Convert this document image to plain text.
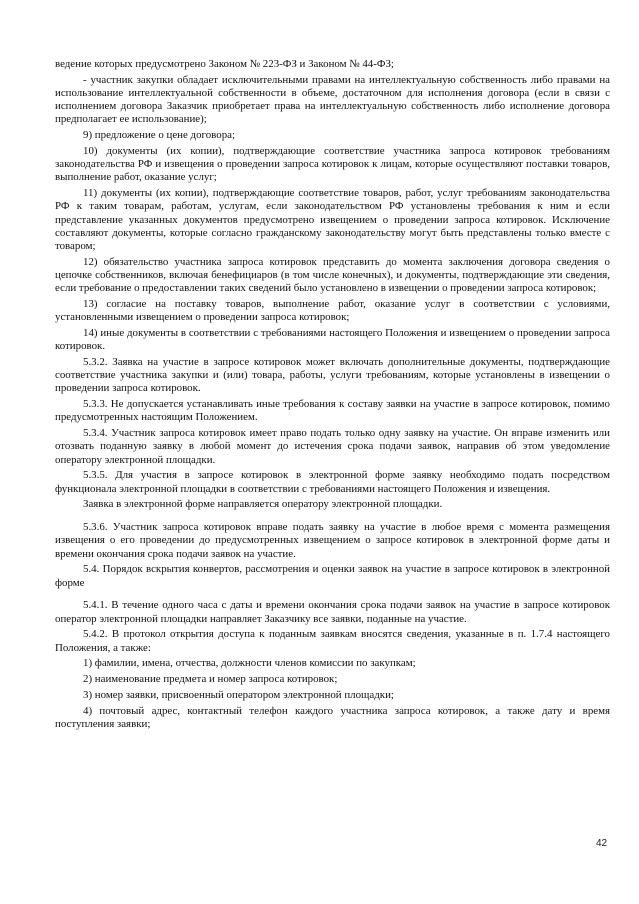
ведение которых предусмотрено Законом № 223-ФЗ и Законом № 44-ФЗ;

- участник закупки обладает исключительными правами на интеллектуальную собственность либо правами на использование интеллектуальной собственности в объеме, достаточном для исполнения договора (если в связи с исполнением договора Заказчик приобретает права на интеллектуальную собственность либо исполнение договора предполагает ее использование);

9) предложение о цене договора;

10) документы (их копии), подтверждающие соответствие участника запроса котировок требованиям законодательства РФ и извещения о проведении запроса котировок к лицам, которые осуществляют поставки товаров, выполнение работ, оказание услуг;

11) документы (их копии), подтверждающие соответствие товаров, работ, услуг требованиям законодательства РФ к таким товарам, работам, услугам, если законодательством РФ установлены требования к ним и если представление указанных документов предусмотрено извещением о проведении запроса котировок. Исключение составляют документы, которые согласно гражданскому законодательству могут быть представлены только вместе с товаром;

12) обязательство участника запроса котировок представить до момента заключения договора сведения о цепочке собственников, включая бенефициаров (в том числе конечных), и документы, подтверждающие эти сведения, если требование о предоставлении таких сведений было установлено в извещении о проведении запроса котировок;

13) согласие на поставку товаров, выполнение работ, оказание услуг в соответствии с условиями, установленными извещением о проведении запроса котировок;

14) иные документы в соответствии с требованиями настоящего Положения и извещением о проведении запроса котировок.

5.3.2. Заявка на участие в запросе котировок может включать дополнительные документы, подтверждающие соответствие участника закупки и (или) товара, работы, услуги требованиям, которые установлены в извещении о проведении запроса котировок.

5.3.3. Не допускается устанавливать иные требования к составу заявки на участие в запросе котировок, помимо предусмотренных настоящим Положением.

5.3.4. Участник запроса котировок имеет право подать только одну заявку на участие. Он вправе изменить или отозвать поданную заявку в любой момент до истечения срока подачи заявок, направив об этом уведомление оператору электронной площадки.

5.3.5. Для участия в запросе котировок в электронной форме заявку необходимо подать посредством функционала электронной площадки в соответствии с требованиями настоящего Положения и извещения.

Заявка в электронной форме направляется оператору электронной площадки.

5.3.6. Участник запроса котировок вправе подать заявку на участие в любое время с момента размещения извещения о его проведении до предусмотренных извещением о запросе котировок в электронной форме даты и времени окончания срока подачи заявок на участие.

5.4. Порядок вскрытия конвертов, рассмотрения и оценки заявок на участие в запросе котировок в электронной форме

5.4.1. В течение одного часа с даты и времени окончания срока подачи заявок на участие в запросе котировок оператор электронной площадки направляет Заказчику все заявки, поданные на участие.

5.4.2. В протокол открытия доступа к поданным заявкам вносятся сведения, указанные в п. 1.7.4 настоящего Положения, а также:

1) фамилии, имена, отчества, должности членов комиссии по закупкам;

2) наименование предмета и номер запроса котировок;

3) номер заявки, присвоенный оператором электронной площадки;

4) почтовый адрес, контактный телефон каждого участника запроса котировок, а также дату и время поступления заявки;

42
